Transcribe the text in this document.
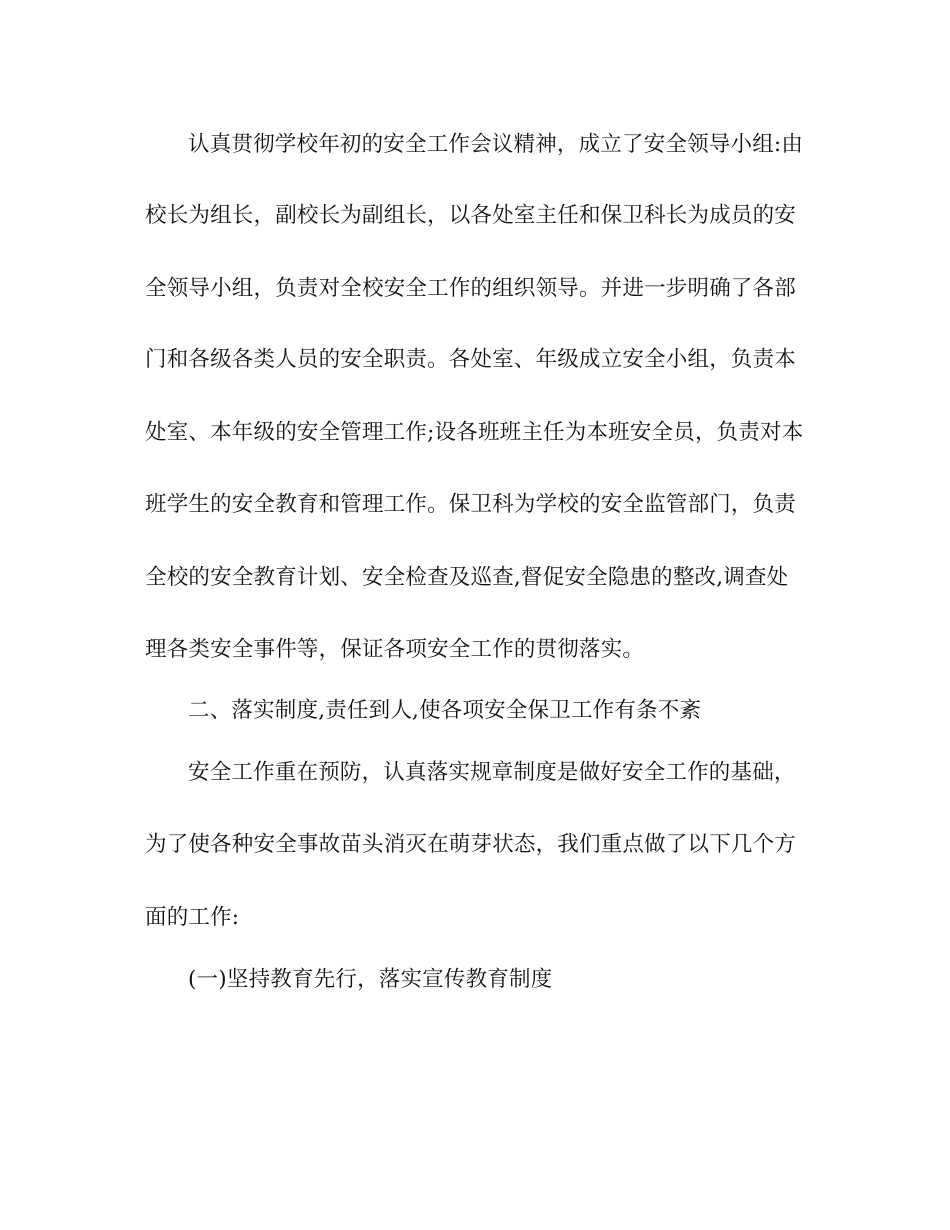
认真贯彻学校年初的安全工作会议精神，成立了安全领导小组:由
校长为组长，副校长为副组长，以各处室主任和保卫科长为成员的安
全领导小组，负责对全校安全工作的组织领导。并进一步明确了各部
门和各级各类人员的安全职责。各处室、年级成立安全小组，负责本
处室、本年级的安全管理工作;设各班班主任为本班安全员，负责对本
班学生的安全教育和管理工作。保卫科为学校的安全监管部门，负责
全校的安全教育计划、安全检查及巡查,督促安全隐患的整改,调查处
理各类安全事件等，保证各项安全工作的贯彻落实。
二、落实制度,责任到人,使各项安全保卫工作有条不紊
安全工作重在预防，认真落实规章制度是做好安全工作的基础，
为了使各种安全事故苗头消灭在萌芽状态，我们重点做了以下几个方
面的工作:
(一)坚持教育先行，落实宣传教育制度
